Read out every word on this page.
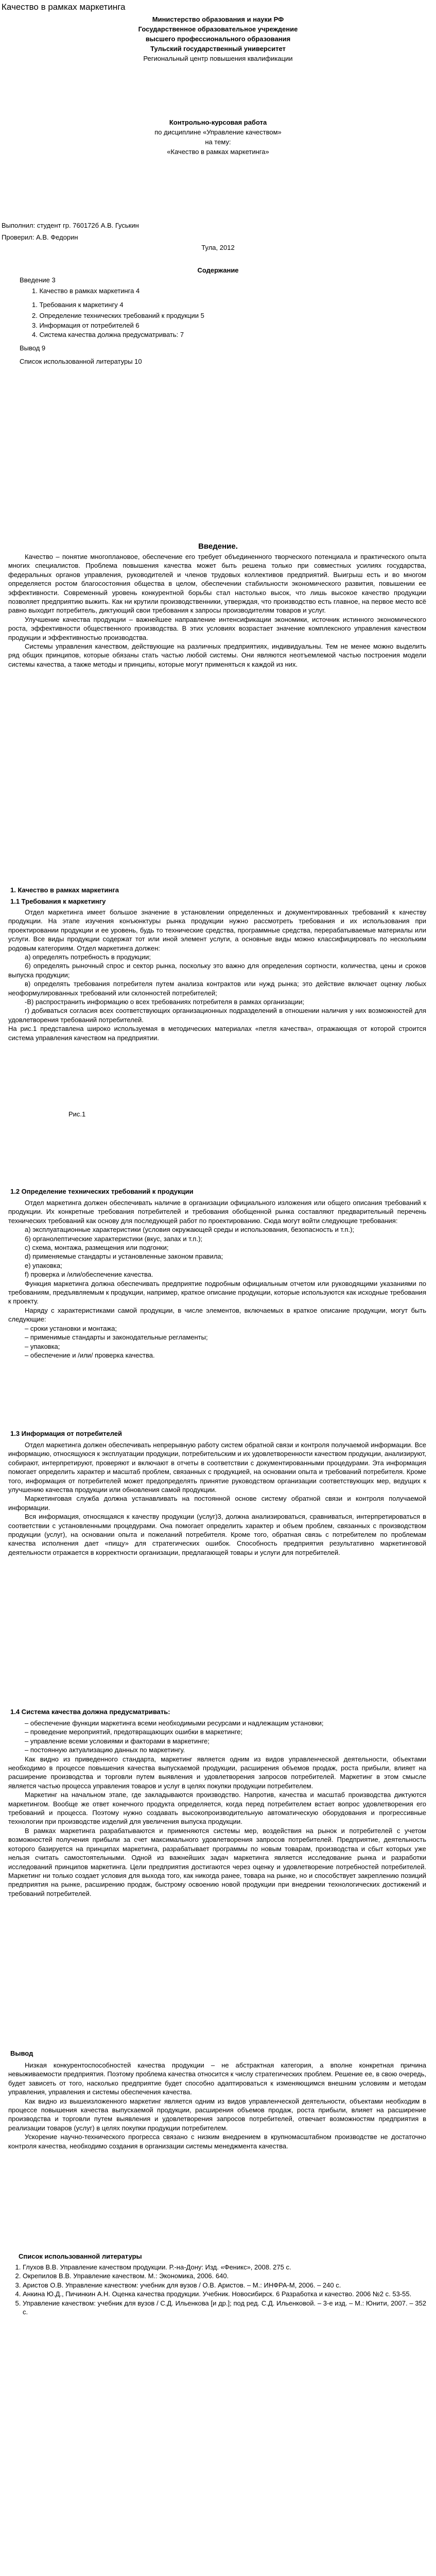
Качество в рамках маркетинга
Министерство образования и науки РФ
Государственное образовательное учреждение
высшего профессионального образования
Тульский государственный университет
Региональный центр повышения квалификации
Контрольно-курсовая работа
по дисциплине «Управление качеством»
на тему:
«Качество в рамках маркетинга»
Выполнил: студент гр. 760172б А.В. Гуськин
Проверил: А.В. Федорин
Тула, 2012
Содержание
Введение 3
1. Качество в рамках маркетинга 4
1. Требования к маркетингу 4
2. Определение технических требований к продукции 5
3. Информация от потребителей 6
4. Система качества должна предусматривать: 7
Вывод 9
Список использованной литературы 10
Введение.

Качество – понятие многоплановое, обеспечение его требует объединенного творческого потенциала и практического опыта многих специалистов. Проблема повышения качества может быть решена только при совместных усилиях государства, федеральных органов управления, руководителей и членов трудовых коллективов предприятий. Выигрыш есть и во многом определяется ростом благосостояния общества в целом, обеспечении стабильности экономического развития, повышении ее эффективности. Современный уровень конкурентной борьбы стал настолько высок, что лишь высокое качество продукции позволяет предприятию выжить. Как ни крутили производственники, утверждая, что производство есть главное, на первое место всё равно выходит потребитель, диктующий свои требования к запросы производителям товаров и услуг.

Улучшение качества продукции – важнейшее направление интенсификации экономики, источник истинного экономического роста, эффективности общественного производства. В этих условиях возрастает значение комплексного управления качеством продукции и эффективностью производства.

Системы управления качеством, действующие на различных предприятиях, индивидуальны. Тем не менее можно выделить ряд общих принципов, которые обязаны стать частью любой системы. Они являются неотъемлемой частью построения модели системы качества, а также методы и принципы, которые могут применяться к каждой из них.

1. Качество в рамках маркетинга
1.1 Требования к маркетингу

Отдел маркетинга имеет большое значение в установлении определенных и документированных требований к качеству продукции. На этапе изучения конъюнктуры рынка продукции нужно рассмотреть требования и их использования при проектировании продукции и ее уровень, будь то технические средства, программные средства, перерабатываемые материалы или услуги. Все виды продукции содержат тот или иной элемент услуги, а основные виды можно классифицировать по нескольким родовым категориям. Отдел маркетинга должен:

а) определять потребность в продукции;

б) определять рыночный спрос и сектор рынка, поскольку это важно для определения сортности, количества, цены и сроков выпуска продукции;

в) определять требования потребителя путем анализа контрактов или нужд рынка; это действие включает оценку любых неоформулированных требований или склонностей потребителей;

-В) распространить информацию о всех требованиях потребителя в рамках организации;

г) добиваться согласия всех соответствующих организационных подразделений в отношении наличия у них возможностей для удовлетворения требований потребителей.

На рис.1 представлена широко используемая в методических материалах «петля качества», отражающая от которой строится система управления качеством на предприятии.

Рис.1
1.2 Определение технических требований к продукции

Отдел маркетинга должен обеспечивать наличие в организации официального изложения или общего описания требований к продукции. Их конкретные требования потребителей и требования обобщенной рынка составляют предварительный перечень технических требований как основу для последующей работ по проектированию. Сюда могут войти следующие требования:

а) эксплуатационные характеристики (условия окружающей среды и использования, безопасность и т.п.);

б) органолептические характеристики (вкус, запах и т.п.);

с) схема, монтажа, размещения или подгонки;

d) применяемые стандарты и установленные законом правила;

е) упаковка;

f) проверка и /или/обеспечение качества.

Функция маркетинга должна обеспечивать предприятие подробным официальным отчетом или руководящими указаниями по требованиям, предъявляемым к продукции, например, краткое описание продукции, которые используются как исходные требования к проекту.

Наряду с характеристиками самой продукции, в числе элементов, включаемых в краткое описание продукции, могут быть следующие:

– сроки установки и монтажа;

– применимые стандарты и законодательные регламенты;

– упаковка;

– обеспечение и /или/ проверка качества.

1.3 Информация от потребителей

Отдел маркетинга должен обеспечивать непрерывную работу систем обратной связи и контроля получаемой информации. Все информацию, относящуюся к эксплуатации продукции, потребительским и их удовлетворенности качеством продукции, анализируют, собирают, интерпретируют, проверяют и включают в отчеты в соответствии с документированными процедурами. Эта информация помогает определить характер и масштаб проблем, связанных с продукцией, на основании опыта и требований потребителя. Кроме того, информация от потребителей может предопределять принятие руководством организации соответствующих мер, ведущих к улучшению качества продукции или обновления самой продукции.

Маркетинговая служба должна устанавливать на постоянной основе систему обратной связи и контроля получаемой информации.

Вся информация, относящаяся к качеству продукции (услуг)3, должна анализироваться, сравниваться, интерпретироваться в соответствии с установленными процедурами. Она помогает определить характер и объем проблем, связанных с производством продукции (услуг), на основании опыта и пожеланий потребителя. Кроме того, обратная связь с потребителем по проблемам качества исполнения дает «пищу» для стратегических ошибок. Способность предприятия результативно маркетинговой деятельности отражается в корректности организации, предлагающей товары и услуги для потребителей.

1.4 Система качества должна предусматривать:

– обеспечение функции маркетинга всеми необходимыми ресурсами и надлежащим установки;

– проведение мероприятий, предотвращающих ошибки в маркетинге;

– управление всеми условиями и факторами в маркетинге;

– постоянную актуализацию данных по маркетингу.

Как видно из приведенного стандарта, маркетинг является одним из видов управленческой деятельности, объектами необходимо в процессе повышения качества выпускаемой продукции, расширения объемов продаж, роста прибыли, влияет на расширение производства и торговли путем выявления и удовлетворения запросов потребителей. Маркетинг в этом смысле является частью процесса управления товаров и услуг в целях покупки продукции потребителем.

Маркетинг на начальном этапе, где закладываются производство. Напротив, качества и масштаб производства диктуются маркетингом. Вообще же ответ конечного продукта определяется, когда перед потребителем встает вопрос удовлетворения его требований и процесса. Поэтому нужно создавать высокопроизводительную автоматическую оборудования и прогрессивные технологии при производстве изделий для увеличения выпуска продукции.

В рамках маркетинга разрабатываются и применяются системы мер, воздействия на рынок и потребителей с учетом возможностей получения прибыли за счет максимального удовлетворения запросов потребителей. Предприятие, деятельность которого базируется на принципах маркетинга, разрабатывает программы по новым товарам, производства и сбыт которых уже нельзя считать самостоятельными. Одной из важнейших задач маркетинга является исследование рынка и разработки исследований принципов маркетинга. Цели предприятия достигаются через оценку и удовлетворение потребностей потребителей. Маркетинг ни только создает условия для выхода того, как никогда ранее, товара на рынке, но и способствует закреплению позиций предприятия на рынке, расширению продаж, быстрому освоению новой продукции при внедрении технологических достижений и требований потребителей.

Вывод

Низкая конкурентоспособностей качества продукции – не абстрактная категория, а вполне конкретная причина невыживаемости предприятия. Поэтому проблема качества относится к числу стратегических проблем. Решение ее, в свою очередь, будет зависеть от того, насколько предприятие будет способно адаптироваться к изменяющимся внешним условиям и методам управления, управления и системы обеспечения качества.

Как видно из вышеизложенного маркетинг является одним из видов управленческой деятельности, объектами необходим в процессе повышения качества выпускаемой продукции, расширения объемов продаж, роста прибыли, влияет на расширение производства и торговли путем выявления и удовлетворения запросов потребителей, отвечает возможностям предприятия в реализации товаров (услуг) в целях покупки продукции потребителем.

Ускорение научно-технического прогресса связано с низким внедрением в крупномасштабном производстве не достаточно контроля качества, необходимо создания в организации системы менеджмента качества.

Список использованной литературы
1. Глухов В.В. Управление качеством продукции. Р.-на-Дону: Изд. «Феникс», 2008. 275 с.
2. Окрепилов В.В. Управление качеством. М.: Экономика, 2006. 640.
3. Аристов О.В. Управление качеством: учебник для вузов / О.В. Аристов. – М.: ИНФРА-М, 2006. – 240 с.
4. Анкина Ю.Д., Пичинкин А.Н. Оценка качества продукции. Учебник. Новосибирск. 6 Разработка и качество. 2006 №2 с. 53-55.
5. Управление качеством: учебник для вузов / С.Д. Ильенкова [и др.]; под ред. С.Д. Ильенковой. – 3-е изд. – М.: Юнити, 2007. – 352 с.
